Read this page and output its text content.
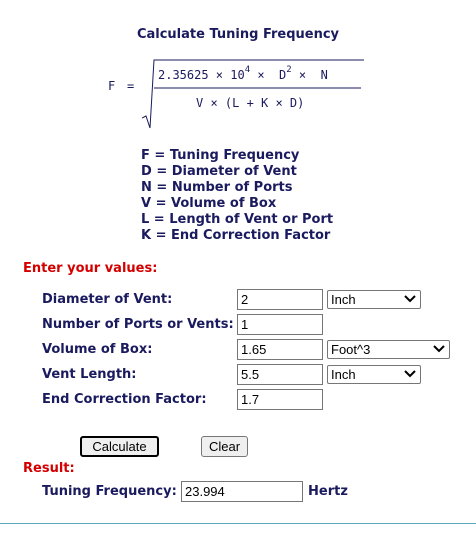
Calculate Tuning Frequency
F =
$2.35625 \times 10^4 \times D^2 \times N$
V × (L + K × D)
F = Tuning Frequency
D = Diameter of Vent
N = Number of Ports
V = Volume of Box
L = Length of Vent or Port
K = End Correction Factor
Enter your values:
Diameter of Vent:
2	Inch
Number of Ports or Vents:
1
Volume of Box:
1.65	Foot^3
Vent Length:
5.5	Inch
End Correction Factor:
1.7
Calculate	Clear
Result:
Tuning Frequency:
23.994	Hertz
